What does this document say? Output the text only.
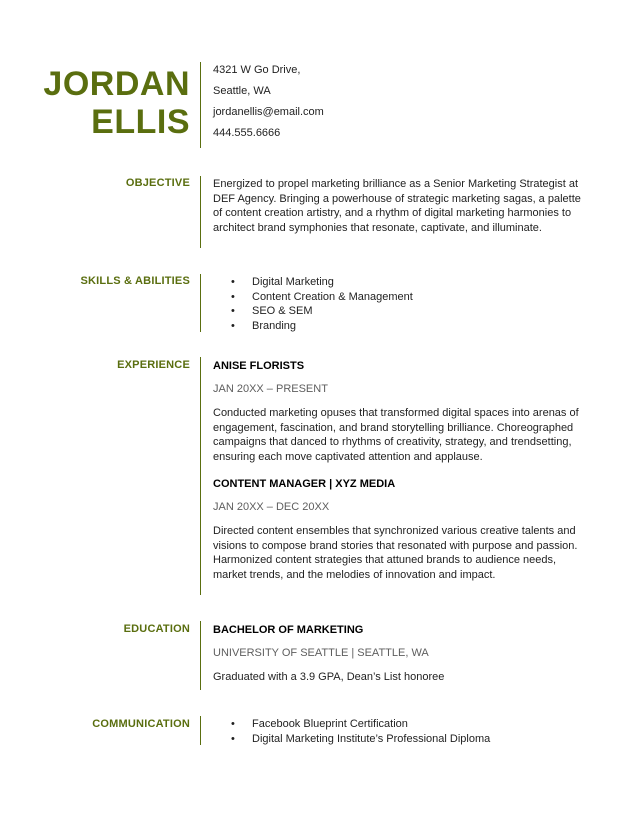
JORDAN
ELLIS
4321 W Go Drive,
Seattle, WA
jordanellis@email.com
444.555.6666
OBJECTIVE Energized to propel marketing brilliance as a Senior Marketing Strategist at DEF Agency. Bringing a powerhouse of strategic marketing sagas, a palette of content creation artistry, and a rhythm of digital marketing harmonies to architect brand symphonies that resonate, captivate, and illuminate.
SKILLS & ABILITIES	• Digital Marketing
• Content Creation & Management
• SEO & SEM
• Branding
EXPERIENCE ANISE FLORISTS
JAN 20XX – PRESENT
Conducted marketing opuses that transformed digital spaces into arenas of engagement, fascination, and brand storytelling brilliance. Choreographed campaigns that danced to rhythms of creativity, strategy, and trendsetting, ensuring each move captivated attention and applause.
CONTENT MANAGER | XYZ MEDIA
JAN 20XX – DEC 20XX
Directed content ensembles that synchronized various creative talents and visions to compose brand stories that resonated with purpose and passion.
Harmonized content strategies that attuned brands to audience needs, market trends, and the melodies of innovation and impact.
EDUCATION BACHELOR OF MARKETING
UNIVERSITY OF SEATTLE | SEATTLE, WA
Graduated with a 3.9 GPA, Dean’s List honoree
COMMUNICATION	• Facebook Blueprint Certification
• Digital Marketing Institute’s Professional Diploma
